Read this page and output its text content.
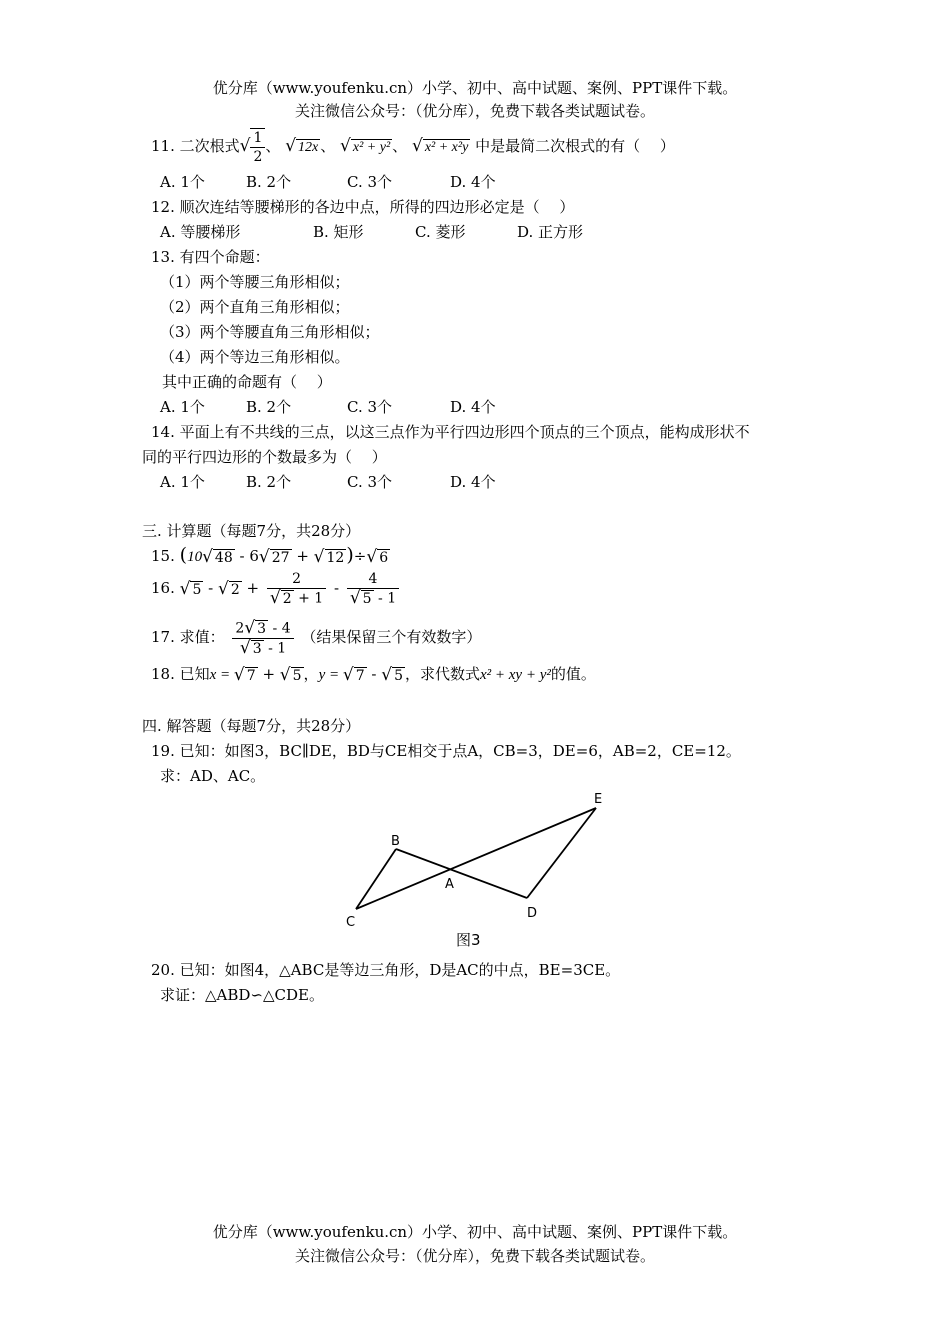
优分库（www.youfenku.cn）小学、初中、高中试题、案例、PPT课件下载。
关注微信公众号：（优分库），免费下载各类试题试卷。
11. 二次根式√ $\frac{1}{2}$ 、 √ 12x 、 √ x² + y² 、 √ x² + x²y 中是最简二次根式的有（　 ）
A. 1个	B. 2个	C. 3个	D. 4个
12. 顺次连结等腰梯形的各边中点，所得的四边形必定是（　 ）
A. 等腰梯形	B. 矩形	C. 菱形	D. 正方形
13. 有四个命题：
（1）两个等腰三角形相似；
（2）两个直角三角形相似；
（3）两个等腰直角三角形相似；
（4）两个等边三角形相似。
其中正确的命题有（　 ）
A. 1个	B. 2个	C. 3个	D. 4个
14. 平面上有不共线的三点，以这三点作为平行四边形四个顶点的三个顶点，能构成形状不
同的平行四边形的个数最多为（　 ）
A. 1个	B. 2个	C. 3个	D. 4个
三. 计算题（每题7分，共28分）
15. (10√ 48 - 6√ 27 + √ 12 )÷√ 6
16. √ 5 - √ $2 + \frac{2}{√ 2 + 1} - \frac{4}{√ 5 - 1}$
17. 求值： $\frac{2√ 3 - 4}{√ 3 - 1}$ （结果保留三个有效数字）
18. 已知x = √ 7 + √ 5 ，y = √ 7 - √ 5 ，求代数式x² + xy + y²的值。
四. 解答题（每题7分，共28分）
19. 已知：如图3，BC∥DE，BD与CE相交于点A，CB=3，DE=6，AB=2，CE=12。
求：AD、AC。
B
C
A
D
E
图3
20. 已知：如图4，△ABC是等边三角形，D是AC的中点，BE=3CE。
求证：△ABD∽△CDE。
优分库（www.youfenku.cn）小学、初中、高中试题、案例、PPT课件下载。
关注微信公众号：（优分库），免费下载各类试题试卷。
